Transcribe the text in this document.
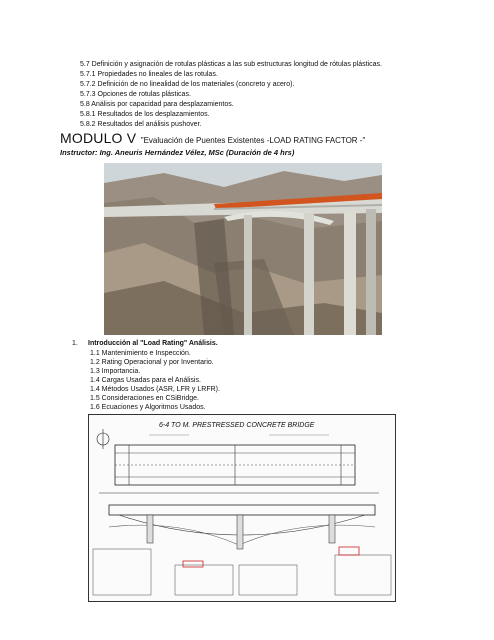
5.7 Definición y asignación de rotulas plásticas a las sub estructuras longitud de rótulas plásticas.
5.7.1 Propiedades no lineales de las rotulas.
5.7.2 Definición de no linealidad de los materiales (concreto y acero).
5.7.3 Opciones de rotulas plásticas.
5.8 Análisis por capacidad para desplazamientos.
5.8.1 Resultados de los desplazamientos.
5.8.2 Resultados del análisis pushover.
MODULO V "Evaluación de Puentes Existentes -LOAD RATING FACTOR -"
Instructor: Ing. Aneuris Hernández Vélez, MSc (Duración de 4 hrs)
1. Introducción al "Load Rating" Análisis.
1.1 Mantenimiento e Inspección.
1.2 Rating Operacional y por Inventario.
1.3 Importancia.
1.4 Cargas Usadas para el Análisis.
1.4 Métodos Usados (ASR, LFR y LRFR).
1.5 Consideraciones en CSiBridge.
1.6 Ecuaciones y Algoritmos Usados.
6-4 TO M. PRESTRESSED CONCRETE BRIDGE
